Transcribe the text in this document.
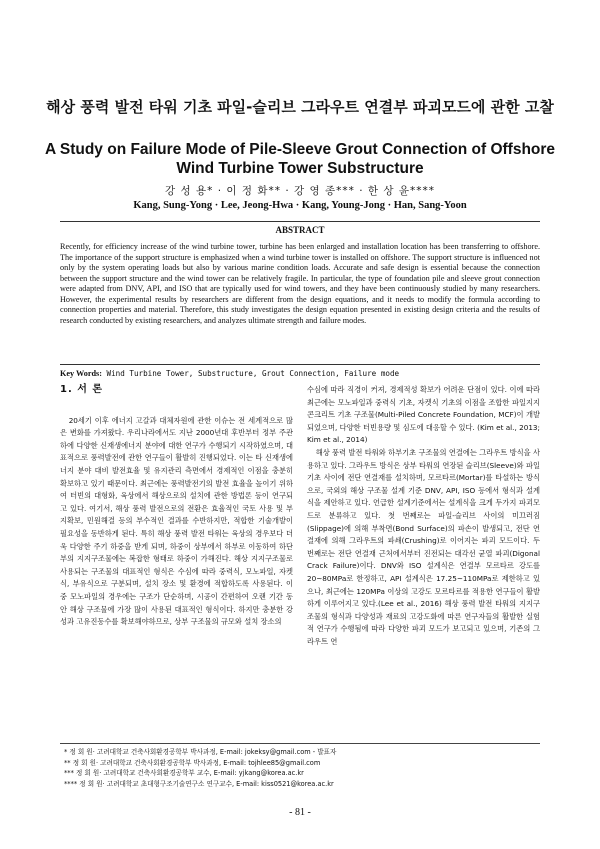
해상 풍력 발전 타워 기초 파일-슬리브 그라우트 연결부 파괴모드에 관한 고찰
A Study on Failure Mode of Pile-Sleeve Grout Connection of Offshore Wind Turbine Tower Substructure
강 성 용* · 이 정 화** · 강 영 종*** · 한 상 윤****
Kang, Sung-Yong · Lee, Jeong-Hwa · Kang, Young-Jong · Han, Sang-Yoon
ABSTRACT
Recently, for efficiency increase of the wind turbine tower, turbine has been enlarged and installation location has been transferring to offshore. The importance of the support structure is emphasized when a wind turbine tower is installed on offshore. The support structure is influenced not only by the system operating loads but also by various marine condition loads. Accurate and safe design is essential because the connection between the support structure and the wind tower can be relatively fragile. In particular, the type of foundation pile and sleeve grout connection were adapted from DNV, API, and ISO that are typically used for wind towers, and they have been continuously studied by many researchers. However, the experimental results by researchers are different from the design equations, and it needs to modify the formula according to connection properties and material. Therefore, this study investigates the design equation presented in existing design criteria and the results of research conducted by existing researchers, and analyzes ultimate strength and failure modes.
Key Words: Wind Turbine Tower, Substructure, Grout Connection, Failure mode
1. 서 론

20세기 이후 에너지 고갈과 대체자원에 관한 이슈는 전 세계적으로 많은 변화를 가져왔다. 우리나라에서도 지난 2000년대 후반부터 정부 주관 하에 다양한 신재생에너지 분야에 대한 연구가 수행되기 시작하였으며, 대표적으로 풍력발전에 관한 연구들이 활발히 진행되었다. 이는 타 신재생에너지 분야 대비 발전효율 및 유지관리 측면에서 경제적인 이점을 충분히 확보하고 있기 때문이다. 최근에는 풍력발전기의 발전 효율을 높이기 위하여 터빈의 대형화, 육상에서 해상으로의 설치에 관한 방법론 등이 연구되고 있다. 여기서, 해상 풍력 발전으로의 전환은 효율적인 국토 사용 및 부지확보, 민원해결 등의 부수적인 결과를 수반하지만, 적합한 기술개발이 필요성을 동반하게 된다. 특히 해상 풍력 발전 타워는 육상의 경우보다 더욱 다양한 주기 하중을 받게 되며, 하중이 상부에서 하부로 이동하여 하단부의 지지구조물에는 복잡한 형태로 하중이 가해진다. 해상 지지구조물로 사용되는 구조물의 대표적인 형식은 수심에 따라 중력식, 모노파일, 자켓식, 부유식으로 구분되며, 설치 장소 및 환경에 적합하도록 사용된다. 이 중 모노파일의 경우에는 구조가 단순하며, 시공이 간편하여 오랜 기간 동안 해상 구조물에 가장 많이 사용된 대표적인 형식이다. 하지만 충분한 강성과 고유진동수를 확보해야하므로, 상부 구조물의 규모와 설치 장소의

수심에 따라 직경이 커져, 경제적성 확보가 어려운 단점이 있다. 이에 따라 최근에는 모노파일과 중력식 기초, 자켓식 기초의 이점을 조합한 파일지지 콘크리트 기초 구조물(Multi-Piled Concrete Foundation, MCF)이 개발되었으며, 다양한 터빈용량 및 심도에 대응할 수 있다. (Kim et al., 2013; Kim et al., 2014)

해상 풍력 발전 타워와 하부기초 구조물의 연결에는 그라우트 방식을 사용하고 있다. 그라우트 방식은 상부 타워의 연장된 슬리브(Sleeve)와 파일 기초 사이에 전단 연결재를 설치하며, 모르타르(Mortar)를 타설하는 방식으로, 국외의 해상 구조물 설계 기준 DNV, API, ISO 등에서 형식과 설계식을 제안하고 있다. 언급한 설계기준에서는 설계식을 크게 두가지 파괴모드로 분류하고 있다. 첫 번째로는 파일-슬리브 사이의 미끄러짐(Slippage)에 의해 부착면(Bond Surface)의 파손이 발생되고, 전단 연결재에 의해 그라우트의 파쇄(Crushing)로 이어지는 파괴 모드이다. 두 번째로는 전단 연결재 근처에서부터 진전되는 대각선 균열 파괴(Digonal Crack Failure)이다. DNV와 ISO 설계식은 연결부 모르타르 강도를 20~80MPa로 한정하고, API 설계식은 17.25~110MPa로 제한하고 있으나, 최근에는 120MPa 이상의 고강도 모르타르를 적용한 연구들이 활발하게 이루어지고 있다.(Lee et al., 2016) 해상 풍력 발전 타워의 지지구조물의 형식과 다양성과 재료의 고강도화에 따른 연구자들의 활발한 실험적 연구가 수행됨에 따라 다양한 파괴 모드가 보고되고 있으며, 기존의 그라우트 연

* 정 회 원· 고려대학교 건축사회환경공학부 박사과정, E-mail: jokeksy@gmail.com - 발표자
** 정 회 원· 고려대학교 건축사회환경공학부 박사과정, E-mail: tojhlee85@gmail.com
*** 정 회 원· 고려대학교 건축사회환경공학부 교수, E-mail: yjkang@korea.ac.kr
**** 정 회 원· 고려대학교 초대형구조기술연구소 연구교수, E-mail: kiss0521@korea.ac.kr
- 81 -
